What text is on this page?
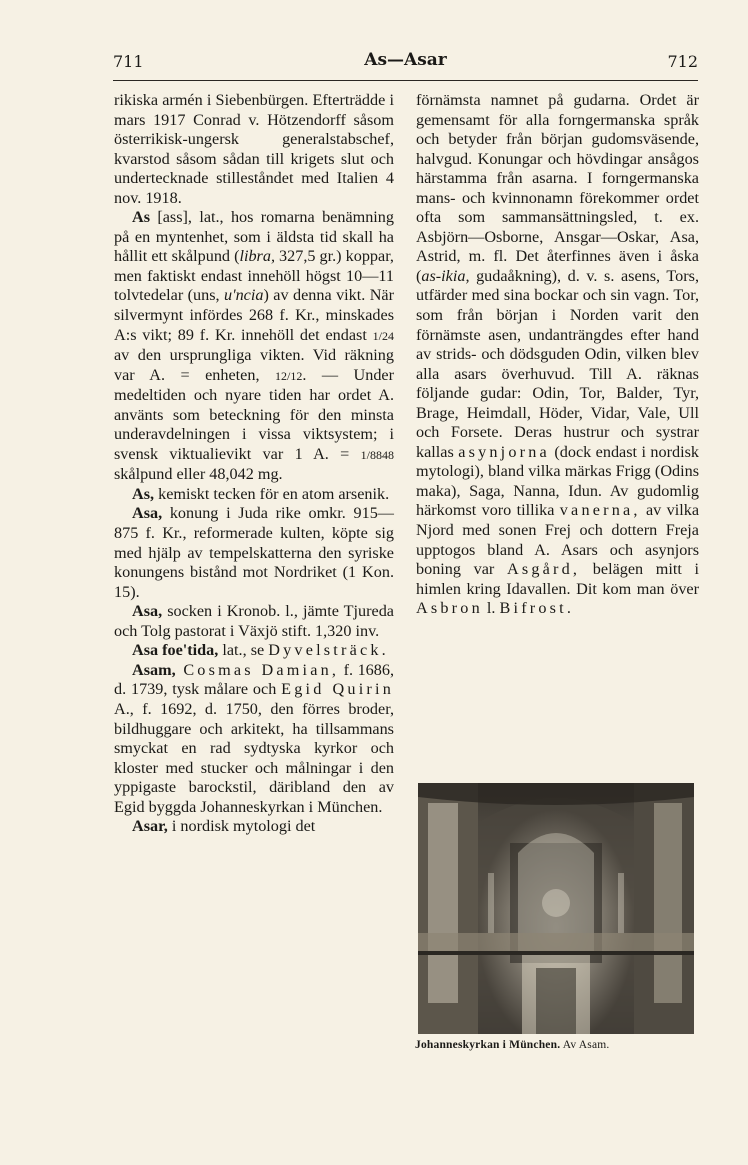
711	As—Asar	712

rikiska armén i Siebenbürgen. Efterträdde i mars 1917 Conrad v. Hötzendorff såsom österrikisk-ungersk generalstabschef, kvarstod såsom sådan till krigets slut och undertecknade stilleståndet med Italien 4 nov. 1918.

As [ass], lat., hos romarna benämning på en myntenhet, som i äldsta tid skall ha hållit ett skålpund (libra, 327,5 gr.) koppar, men faktiskt endast innehöll högst 10—11 tolvtedelar (uns, u'ncia) av denna vikt. När silvermynt infördes 268 f. Kr., minskades A:s vikt; 89 f. Kr. innehöll det endast 1/24 av den ursprungliga vikten. Vid räkning var A. = enheten, 12/12. — Under medeltiden och nyare tiden har ordet A. använts som beteckning för den minsta underavdelningen i vissa viktsystem; i svensk viktualievikt var 1 A. = 1/8848 skålpund eller 48,042 mg.

As, kemiskt tecken för en atom arsenik.

Asa, konung i Juda rike omkr. 915—875 f. Kr., reformerade kulten, köpte sig med hjälp av tempelskatterna den syriske konungens bistånd mot Nordriket (1 Kon. 15).

Asa, socken i Kronob. l., jämte Tjureda och Tolg pastorat i Växjö stift. 1,320 inv.

Asa foe'tida, lat., se Dyvelsträck.

Asam, Cosmas Damian, f. 1686, d. 1739, tysk målare och Egid Quirin A., f. 1692, d. 1750, den förres broder, bildhuggare och arkitekt, ha tillsammans smyckat en rad sydtyska kyrkor och kloster med stucker och målningar i den yppigaste barockstil, däribland den av Egid byggda Johanneskyrkan i München.

Asar, i nordisk mytologi det

förnämsta namnet på gudarna. Ordet är gemensamt för alla forngermanska språk och betyder från början gudomsväsende, halvgud. Konungar och hövdingar ansågos härstamma från asarna. I forngermanska mans- och kvinnonamn förekommer ordet ofta som sammansättningsled, t. ex. Asbjörn—Osborne, Ansgar—Oskar, Asa, Astrid, m. fl. Det återfinnes även i åska (as-ikia, gudaåkning), d. v. s. asens, Tors, utfärder med sina bockar och sin vagn. Tor, som från början i Norden varit den förnämste asen, undanträngdes efter hand av strids- och dödsguden Odin, vilken blev alla asars överhuvud. Till A. räknas följande gudar: Odin, Tor, Balder, Tyr, Brage, Heimdall, Höder, Vidar, Vale, Ull och Forsete. Deras hustrur och systrar kallas asynjorna (dock endast i nordisk mytologi), bland vilka märkas Frigg (Odins maka), Saga, Nanna, Idun. Av gudomlig härkomst voro tillika vanerna, av vilka Njord med sonen Frej och dottern Freja upptogos bland A. Asars och asynjors boning var Asgård, belägen mitt i himlen kring Idavallen. Dit kom man över Asbron l. Bifrost.

Johanneskyrkan i München. Av Asam.
